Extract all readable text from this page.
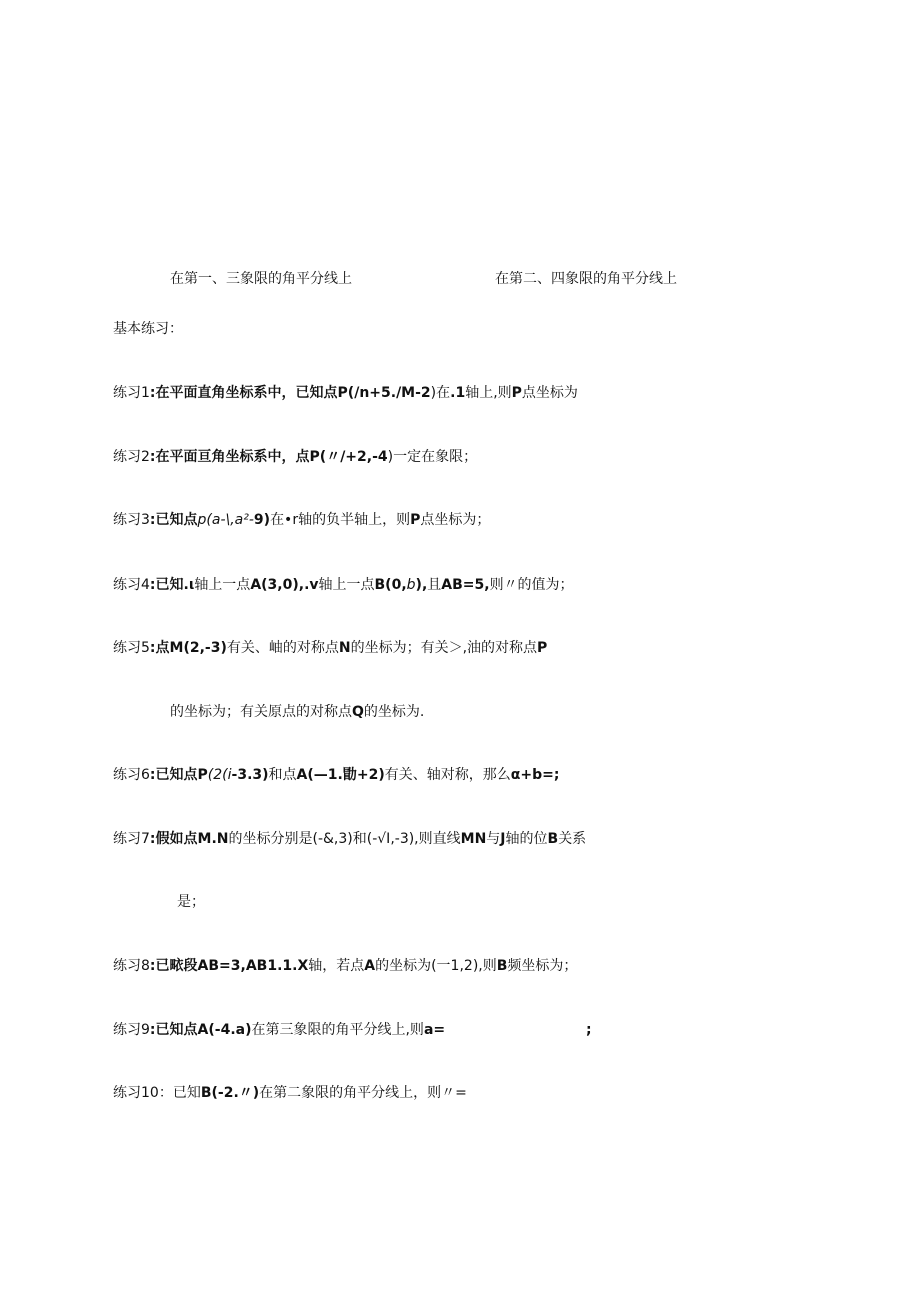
在第一、三象限的角平分线上	在第二、四象限的角平分线上
基本练习：
练习1:在平面直角坐标系中，已知点P(/n+5./M-2)在.1轴上,则P点坐标为
练习2:在平面亘角坐标系中，点P(〃/+2,-4)一定在象限；
练习3:已知点p(a-\,a²-9)在•r轴的负半轴上，则P点坐标为；
练习4:已知.ι轴上一点A(3,0),.v轴上一点B(0,b),且AB=5,则〃的值为；
练习5:点M(2,-3)有关、岫的对称点N的坐标为；有关＞,油的对称点P
的坐标为；有关原点的对称点Q的坐标为.
练习6:已知点P(2(i-3.3)和点A(—1.勖+2)有关、轴对称，那么α+b=;
练习7:假如点M.N的坐标分别是(-&,3)和(-√I,-3),则直线MN与J轴的位B关系
是；
练习8:已畩段AB=3,AB1.1.X轴，若点A的坐标为(一1,2),则B频坐标为；
练习9:已知点A(-4.a)在第三象限的角平分线上,则a=	;
练习10：已知B(-2.〃)在第二象限的角平分线上，则〃=
